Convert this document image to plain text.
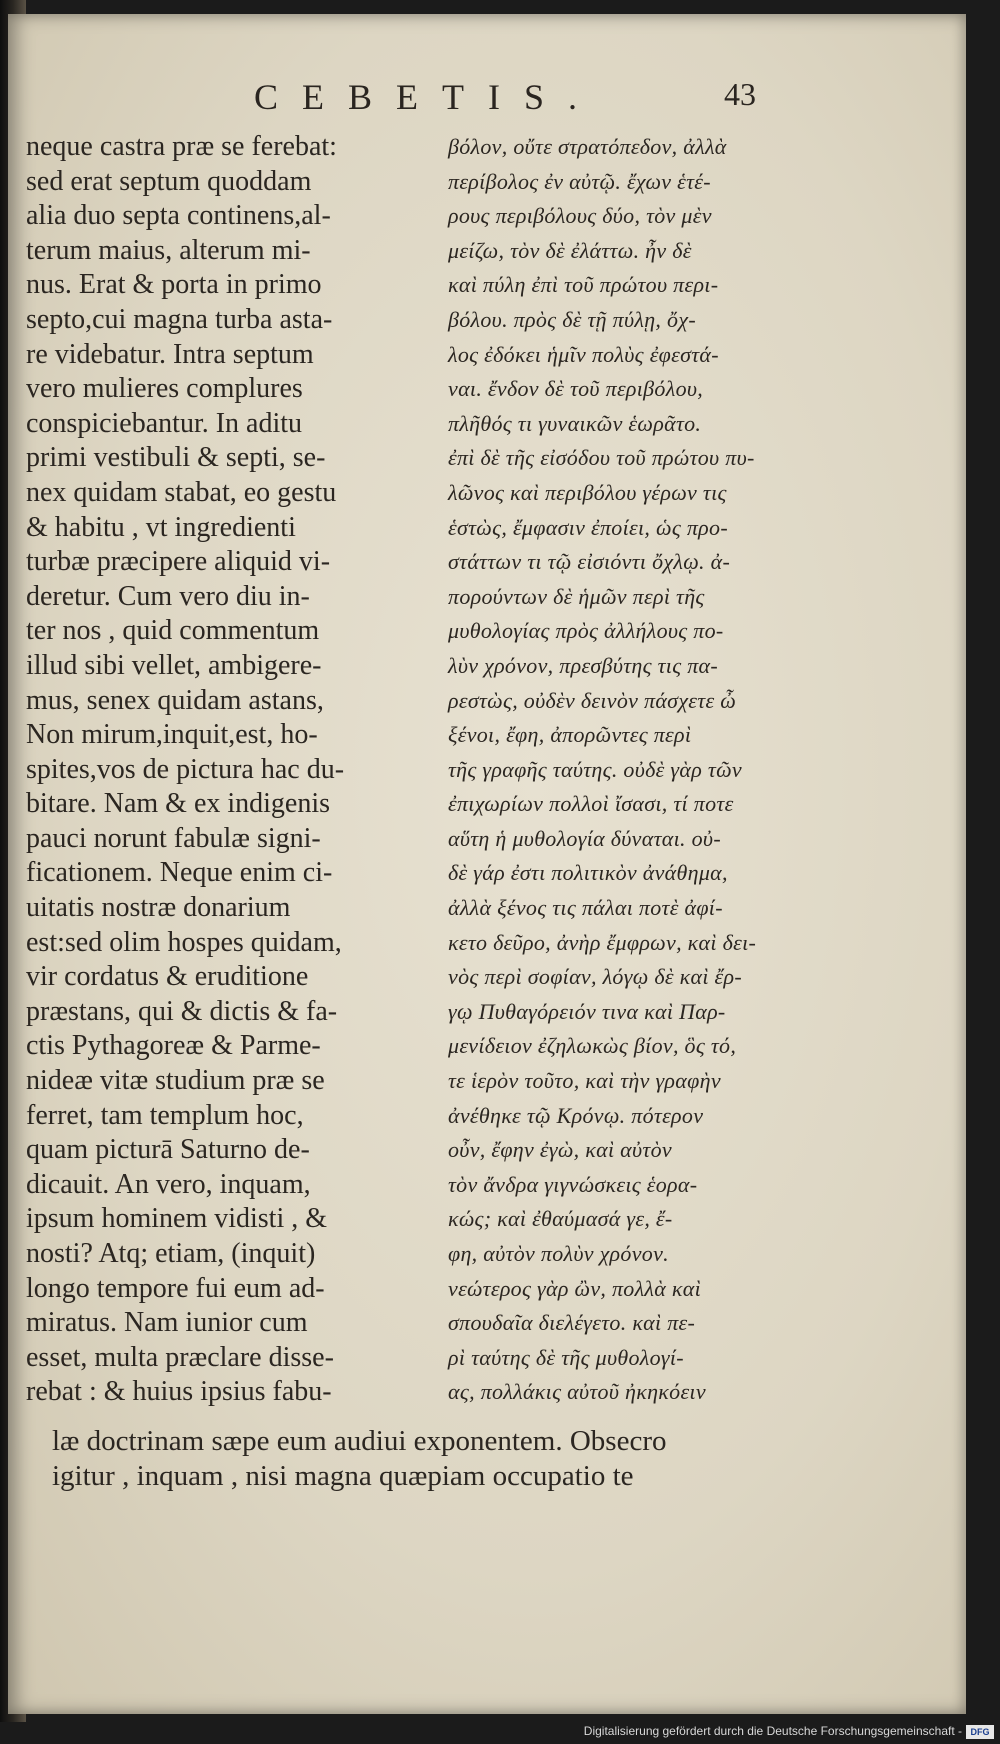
CEBETIS.	43
neque castra præ se ferebat:
sed erat septum quoddam
alia duo septa continens,al-
terum maius, alterum mi-
nus. Erat & porta in primo
septo,cui magna turba asta-
re videbatur. Intra septum
vero mulieres complures
conspiciebantur. In aditu
primi vestibuli & septi, se-
nex quidam stabat, eo gestu
& habitu , vt ingredienti
turbæ præcipere aliquid vi-
deretur. Cum vero diu in-
ter nos , quid commentum
illud sibi vellet, ambigere-
mus, senex quidam astans,
Non mirum,inquit,est, ho-
spites,vos de pictura hac du-
bitare. Nam & ex indigenis
pauci norunt fabulæ signi-
ficationem. Neque enim ci-
uitatis nostræ donarium
est:sed olim hospes quidam,
vir cordatus & eruditione
præstans, qui & dictis & fa-
ctis Pythagoreæ & Parme-
nideæ vitæ studium præ se
ferret, tam templum hoc,
quam picturā Saturno de-
dicauit. An vero, inquam,
ipsum hominem vidisti , &
nosti? Atq; etiam, (inquit)
longo tempore fui eum ad-
miratus. Nam iunior cum
esset, multa præclare disse-
rebat : & huius ipsius fabu-
βόλον, οὔτε στρατόπεδον, ἀλλὰ
περίβολος ἐν αὐτῷ. ἔχων ἑτέ-
ρους περιβόλους δύο, τὸν μὲν
μείζω, τὸν δὲ ἐλάττω. ἦν δὲ
καὶ πύλη ἐπὶ τοῦ πρώτου περι-
βόλου. πρὸς δὲ τῇ πύλῃ, ὄχ-
λος ἐδόκει ἡμῖν πολὺς ἐφεστά-
ναι. ἔνδον δὲ τοῦ περιβόλου,
πλῆθός τι γυναικῶν ἑωρᾶτο.
ἐπὶ δὲ τῆς εἰσόδου τοῦ πρώτου πυ-
λῶνος καὶ περιβόλου γέρων τις
ἑστὼς, ἔμφασιν ἐποίει, ὡς προ-
στάττων τι τῷ εἰσιόντι ὄχλῳ. ἀ-
πορούντων δὲ ἡμῶν περὶ τῆς
μυθολογίας πρὸς ἀλλήλους πο-
λὺν χρόνον, πρεσβύτης τις πα-
ρεστὼς, οὐδὲν δεινὸν πάσχετε ὦ
ξένοι, ἔφη, ἀπορῶντες περὶ
τῆς γραφῆς ταύτης. οὐδὲ γὰρ τῶν
ἐπιχωρίων πολλοὶ ἴσασι, τί ποτε
αὕτη ἡ μυθολογία δύναται. οὐ-
δὲ γάρ ἐστι πολιτικὸν ἀνάθημα,
ἀλλὰ ξένος τις πάλαι ποτὲ ἀφί-
κετο δεῦρο, ἀνὴρ ἔμφρων, καὶ δει-
νὸς περὶ σοφίαν, λόγῳ δὲ καὶ ἔρ-
γῳ Πυθαγόρειόν τινα καὶ Παρ-
μενίδειον ἐζηλωκὼς βίον, ὃς τό,
τε ἱερὸν τοῦτο, καὶ τὴν γραφὴν
ἀνέθηκε τῷ Κρόνῳ. πότερον
οὖν, ἔφην ἐγὼ, καὶ αὐτὸν
τὸν ἄνδρα γιγνώσκεις ἑορα-
κώς; καὶ ἐθαύμασά γε, ἔ-
φη, αὐτὸν πολὺν χρόνον.
νεώτερος γὰρ ὢν, πολλὰ καὶ
σπουδαῖα διελέγετο. καὶ πε-
ρὶ ταύτης δὲ τῆς μυθολογί-
ας, πολλάκις αὐτοῦ ἠκηκόειν
læ doctrinam sæpe eum audiui exponentem. Obsecro
igitur , inquam , nisi magna quæpiam occupatio te
Digitalisierung gefördert durch die Deutsche Forschungsgemeinschaft - DFG
